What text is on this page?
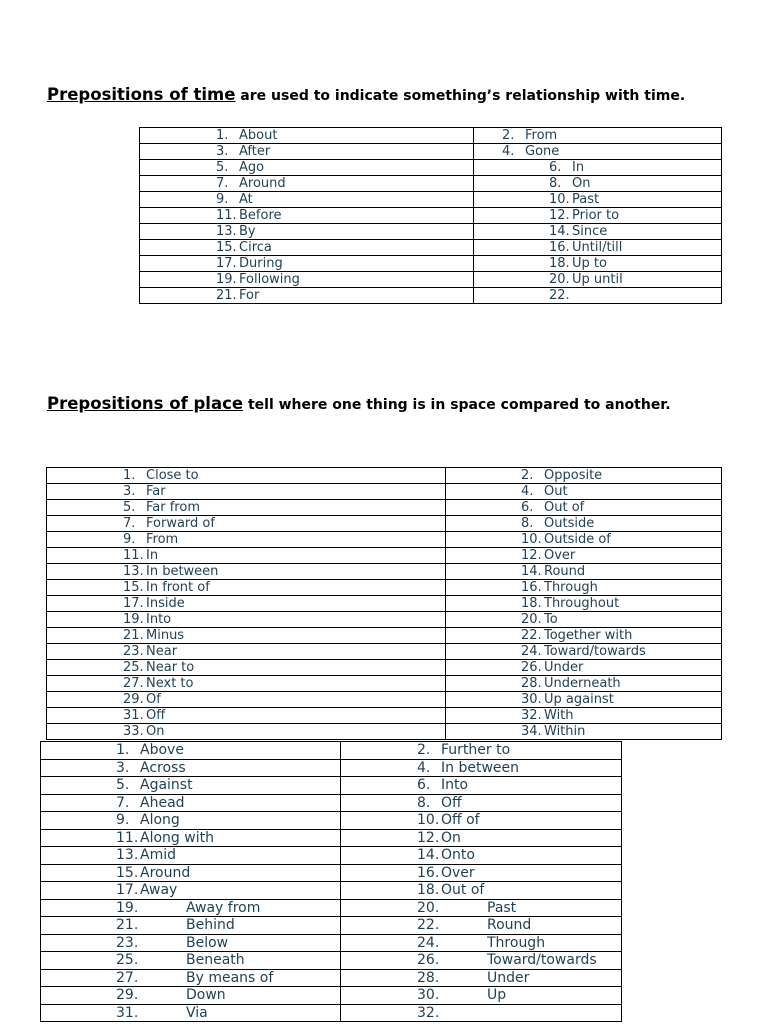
Prepositions of time are used to indicate something’s relationship with time.

1. About	2. From
3. After	4. Gone
5. Ago	6. In
7. Around	8. On
9. At	10. Past
11. Before	12. Prior to
13. By	14. Since
15. Circa	16. Until/till
17. During	18. Up to
19. Following	20. Up until
21. For	22.

Prepositions of place tell where one thing is in space compared to another.

1. Close to	2. Opposite
3. Far	4. Out
5. Far from	6. Out of
7. Forward of	8. Outside
9. From	10. Outside of
11. In	12. Over
13. In between	14. Round
15. In front of	16. Through
17. Inside	18. Throughout
19. Into	20. To
21. Minus	22. Together with
23. Near	24. Toward/towards
25. Near to	26. Under
27. Next to	28. Underneath
29. Of	30. Up against
31. Off	32. With
33. On	34. Within
1. Above	2. Further to
3. Across	4. In between
5. Against	6. Into
7. Ahead	8. Off
9. Along	10. Off of
11. Along with	12. On
13. Amid	14. Onto
15. Around	16. Over
17. Away	18. Out of
19. Away from	20. Past
21. Behind	22. Round
23. Below	24. Through
25. Beneath	26. Toward/towards
27. By means of	28. Under
29. Down	30. Up
31. Via	32.
